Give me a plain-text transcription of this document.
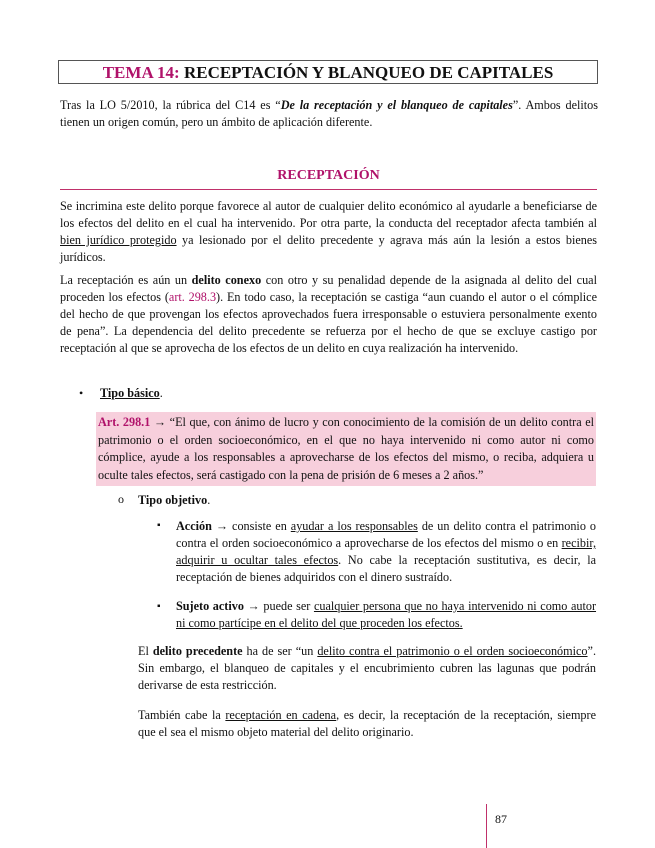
TEMA 14: RECEPTACIÓN Y BLANQUEO DE CAPITALES

Tras la LO 5/2010, la rúbrica del C14 es “De la receptación y el blanqueo de capitales”. Ambos delitos tienen un origen común, pero un ámbito de aplicación diferente.

RECEPTACIÓN

Se incrimina este delito porque favorece al autor de cualquier delito económico al ayudarle a beneficiarse de los efectos del delito en el cual ha intervenido. Por otra parte, la conducta del receptador afecta también al bien jurídico protegido ya lesionado por el delito precedente y agrava más aún la lesión a estos bienes jurídicos.

La receptación es aún un delito conexo con otro y su penalidad depende de la asignada al delito del cual proceden los efectos (art. 298.3). En todo caso, la receptación se castiga “aun cuando el autor o el cómplice del hecho de que provengan los efectos aprovechados fuera irresponsable o estuviera personalmente exento de pena”. La dependencia del delito precedente se refuerza por el hecho de que se excluye castigo por receptación al que se aprovecha de los efectos de un delito en cuya realización ha intervenido.

• Tipo básico.
Art. 298.1 → “El que, con ánimo de lucro y con conocimiento de la comisión de un delito contra el patrimonio o el orden socioeconómico, en el que no haya intervenido ni como autor ni como cómplice, ayude a los responsables a aprovecharse de los efectos del mismo, o reciba, adquiera u oculte tales efectos, será castigado con la pena de prisión de 6 meses a 2 años.”
o Tipo objetivo.
▪ Acción → consiste en ayudar a los responsables de un delito contra el patrimonio o contra el orden socioeconómico a aprovecharse de los efectos del mismo o en recibir, adquirir u ocultar tales efectos. No cabe la receptación sustitutiva, es decir, la receptación de bienes adquiridos con el dinero sustraído.

▪ Sujeto activo → puede ser cualquier persona que no haya intervenido ni como autor ni como partícipe en el delito del que proceden los efectos.

El delito precedente ha de ser “un delito contra el patrimonio o el orden socioeconómico”. Sin embargo, el blanqueo de capitales y el encubrimiento cubren las lagunas que podrán derivarse de esta restricción.

También cabe la receptación en cadena, es decir, la receptación de la receptación, siempre que el sea el mismo objeto material del delito originario.

87
